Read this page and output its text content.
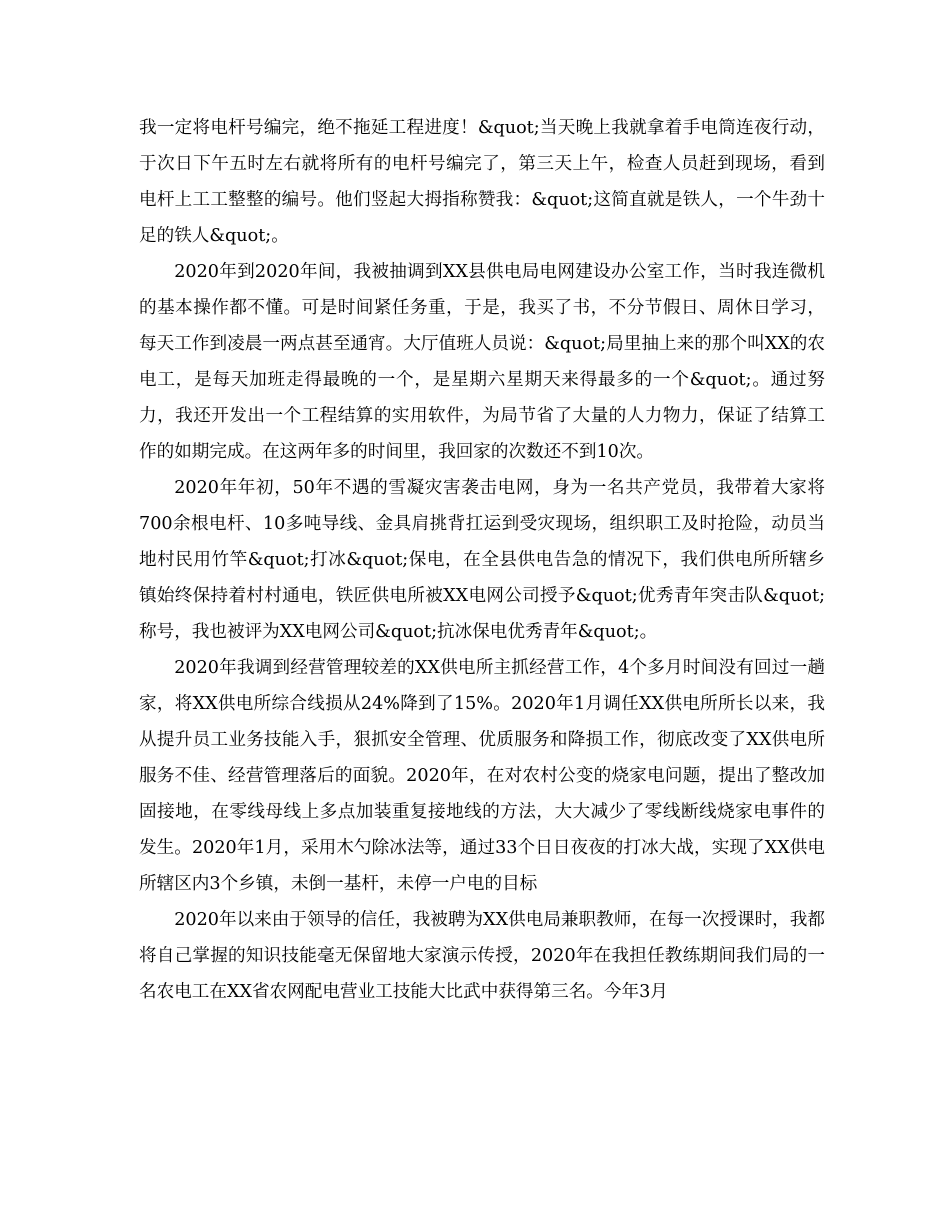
我一定将电杆号编完，绝不拖延工程进度！&quot;当天晚上我就拿着手电筒连夜行动，于次日下午五时左右就将所有的电杆号编完了，第三天上午，检查人员赶到现场，看到电杆上工工整整的编号。他们竖起大拇指称赞我：&quot;这简直就是铁人，一个牛劲十足的铁人&quot;。

2020年到2020年间，我被抽调到XX县供电局电网建设办公室工作，当时我连微机的基本操作都不懂。可是时间紧任务重，于是，我买了书，不分节假日、周休日学习，每天工作到凌晨一两点甚至通宵。大厅值班人员说：&quot;局里抽上来的那个叫XX的农电工，是每天加班走得最晚的一个，是星期六星期天来得最多的一个&quot;。通过努力，我还开发出一个工程结算的实用软件，为局节省了大量的人力物力，保证了结算工作的如期完成。在这两年多的时间里，我回家的次数还不到10次。

2020年年初，50年不遇的雪凝灾害袭击电网，身为一名共产党员，我带着大家将700余根电杆、10多吨导线、金具肩挑背扛运到受灾现场，组织职工及时抢险，动员当地村民用竹竿&quot;打冰&quot;保电，在全县供电告急的情况下，我们供电所所辖乡镇始终保持着村村通电，铁匠供电所被XX电网公司授予&quot;优秀青年突击队&quot;称号，我也被评为XX电网公司&quot;抗冰保电优秀青年&quot;。

2020年我调到经营管理较差的XX供电所主抓经营工作，4个多月时间没有回过一趟家，将XX供电所综合线损从24%降到了15%。2020年1月调任XX供电所所长以来，我从提升员工业务技能入手，狠抓安全管理、优质服务和降损工作，彻底改变了XX供电所服务不佳、经营管理落后的面貌。2020年，在对农村公变的烧家电问题，提出了整改加固接地，在零线母线上多点加装重复接地线的方法，大大减少了零线断线烧家电事件的发生。2020年1月，采用木勺除冰法等，通过33个日日夜夜的打冰大战，实现了XX供电所辖区内3个乡镇，未倒一基杆，未停一户电的目标

2020年以来由于领导的信任，我被聘为XX供电局兼职教师，在每一次授课时，我都将自己掌握的知识技能毫无保留地大家演示传授，2020年在我担任教练期间我们局的一名农电工在XX省农网配电营业工技能大比武中获得第三名。今年3月
